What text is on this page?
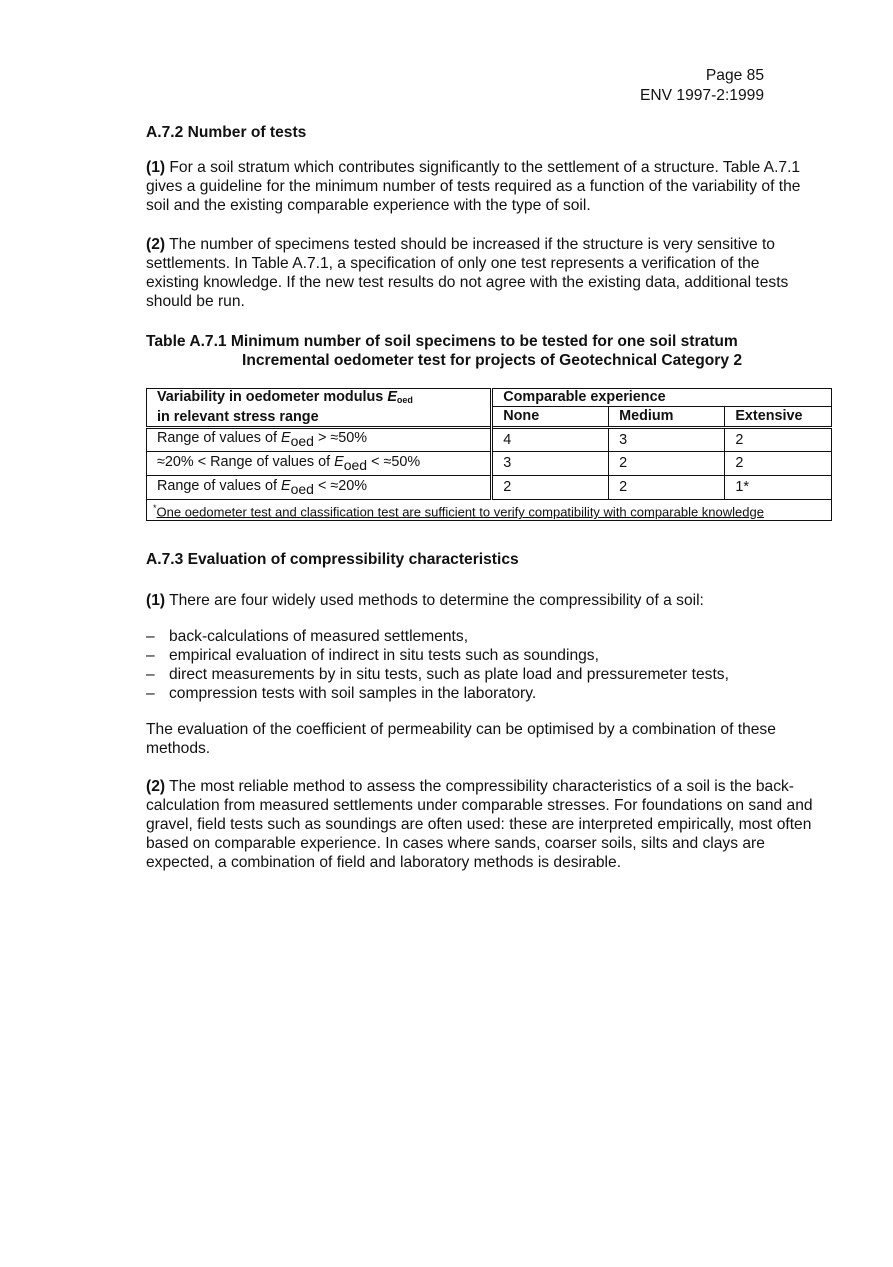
Page 85
ENV 1997-2:1999
A.7.2 Number of tests

(1) For a soil stratum which contributes significantly to the settlement of a structure. Table A.7.1 gives a guideline for the minimum number of tests required as a function of the variability of the soil and the existing comparable experience with the type of soil.

(2) The number of specimens tested should be increased if the structure is very sensitive to settlements. In Table A.7.1, a specification of only one test represents a verification of the existing knowledge. If the new test results do not agree with the existing data, additional tests should be run.

Table A.7.1 Minimum number of soil specimens to be tested for one soil stratum
Incremental oedometer test for projects of Geotechnical Category 2
Variability in oedometer modulus $E_{oed}$
in relevant stress range	Comparable experience		
	None	Medium	Extensive
Range of values of $E_{oed} > \approx 50\%$	4	3	2
≈20% < Range of values of $E_{oed} < \approx 50\%$	3	2	2
Range of values of $E_{oed} < \approx 20\%$	2	2	1*
*One oedometer test and classification test are sufficient to verify compatibility with comparable knowledge			
A.7.3 Evaluation of compressibility characteristics

(1) There are four widely used methods to determine the compressibility of a soil:

– back-calculations of measured settlements,
– empirical evaluation of indirect in situ tests such as soundings,
– direct measurements by in situ tests, such as plate load and pressuremeter tests,
– compression tests with soil samples in the laboratory.

The evaluation of the coefficient of permeability can be optimised by a combination of these methods.

(2) The most reliable method to assess the compressibility characteristics of a soil is the back-calculation from measured settlements under comparable stresses. For foundations on sand and gravel, field tests such as soundings are often used: these are interpreted empirically, most often based on comparable experience. In cases where sands, coarser soils, silts and clays are expected, a combination of field and laboratory methods is desirable.
